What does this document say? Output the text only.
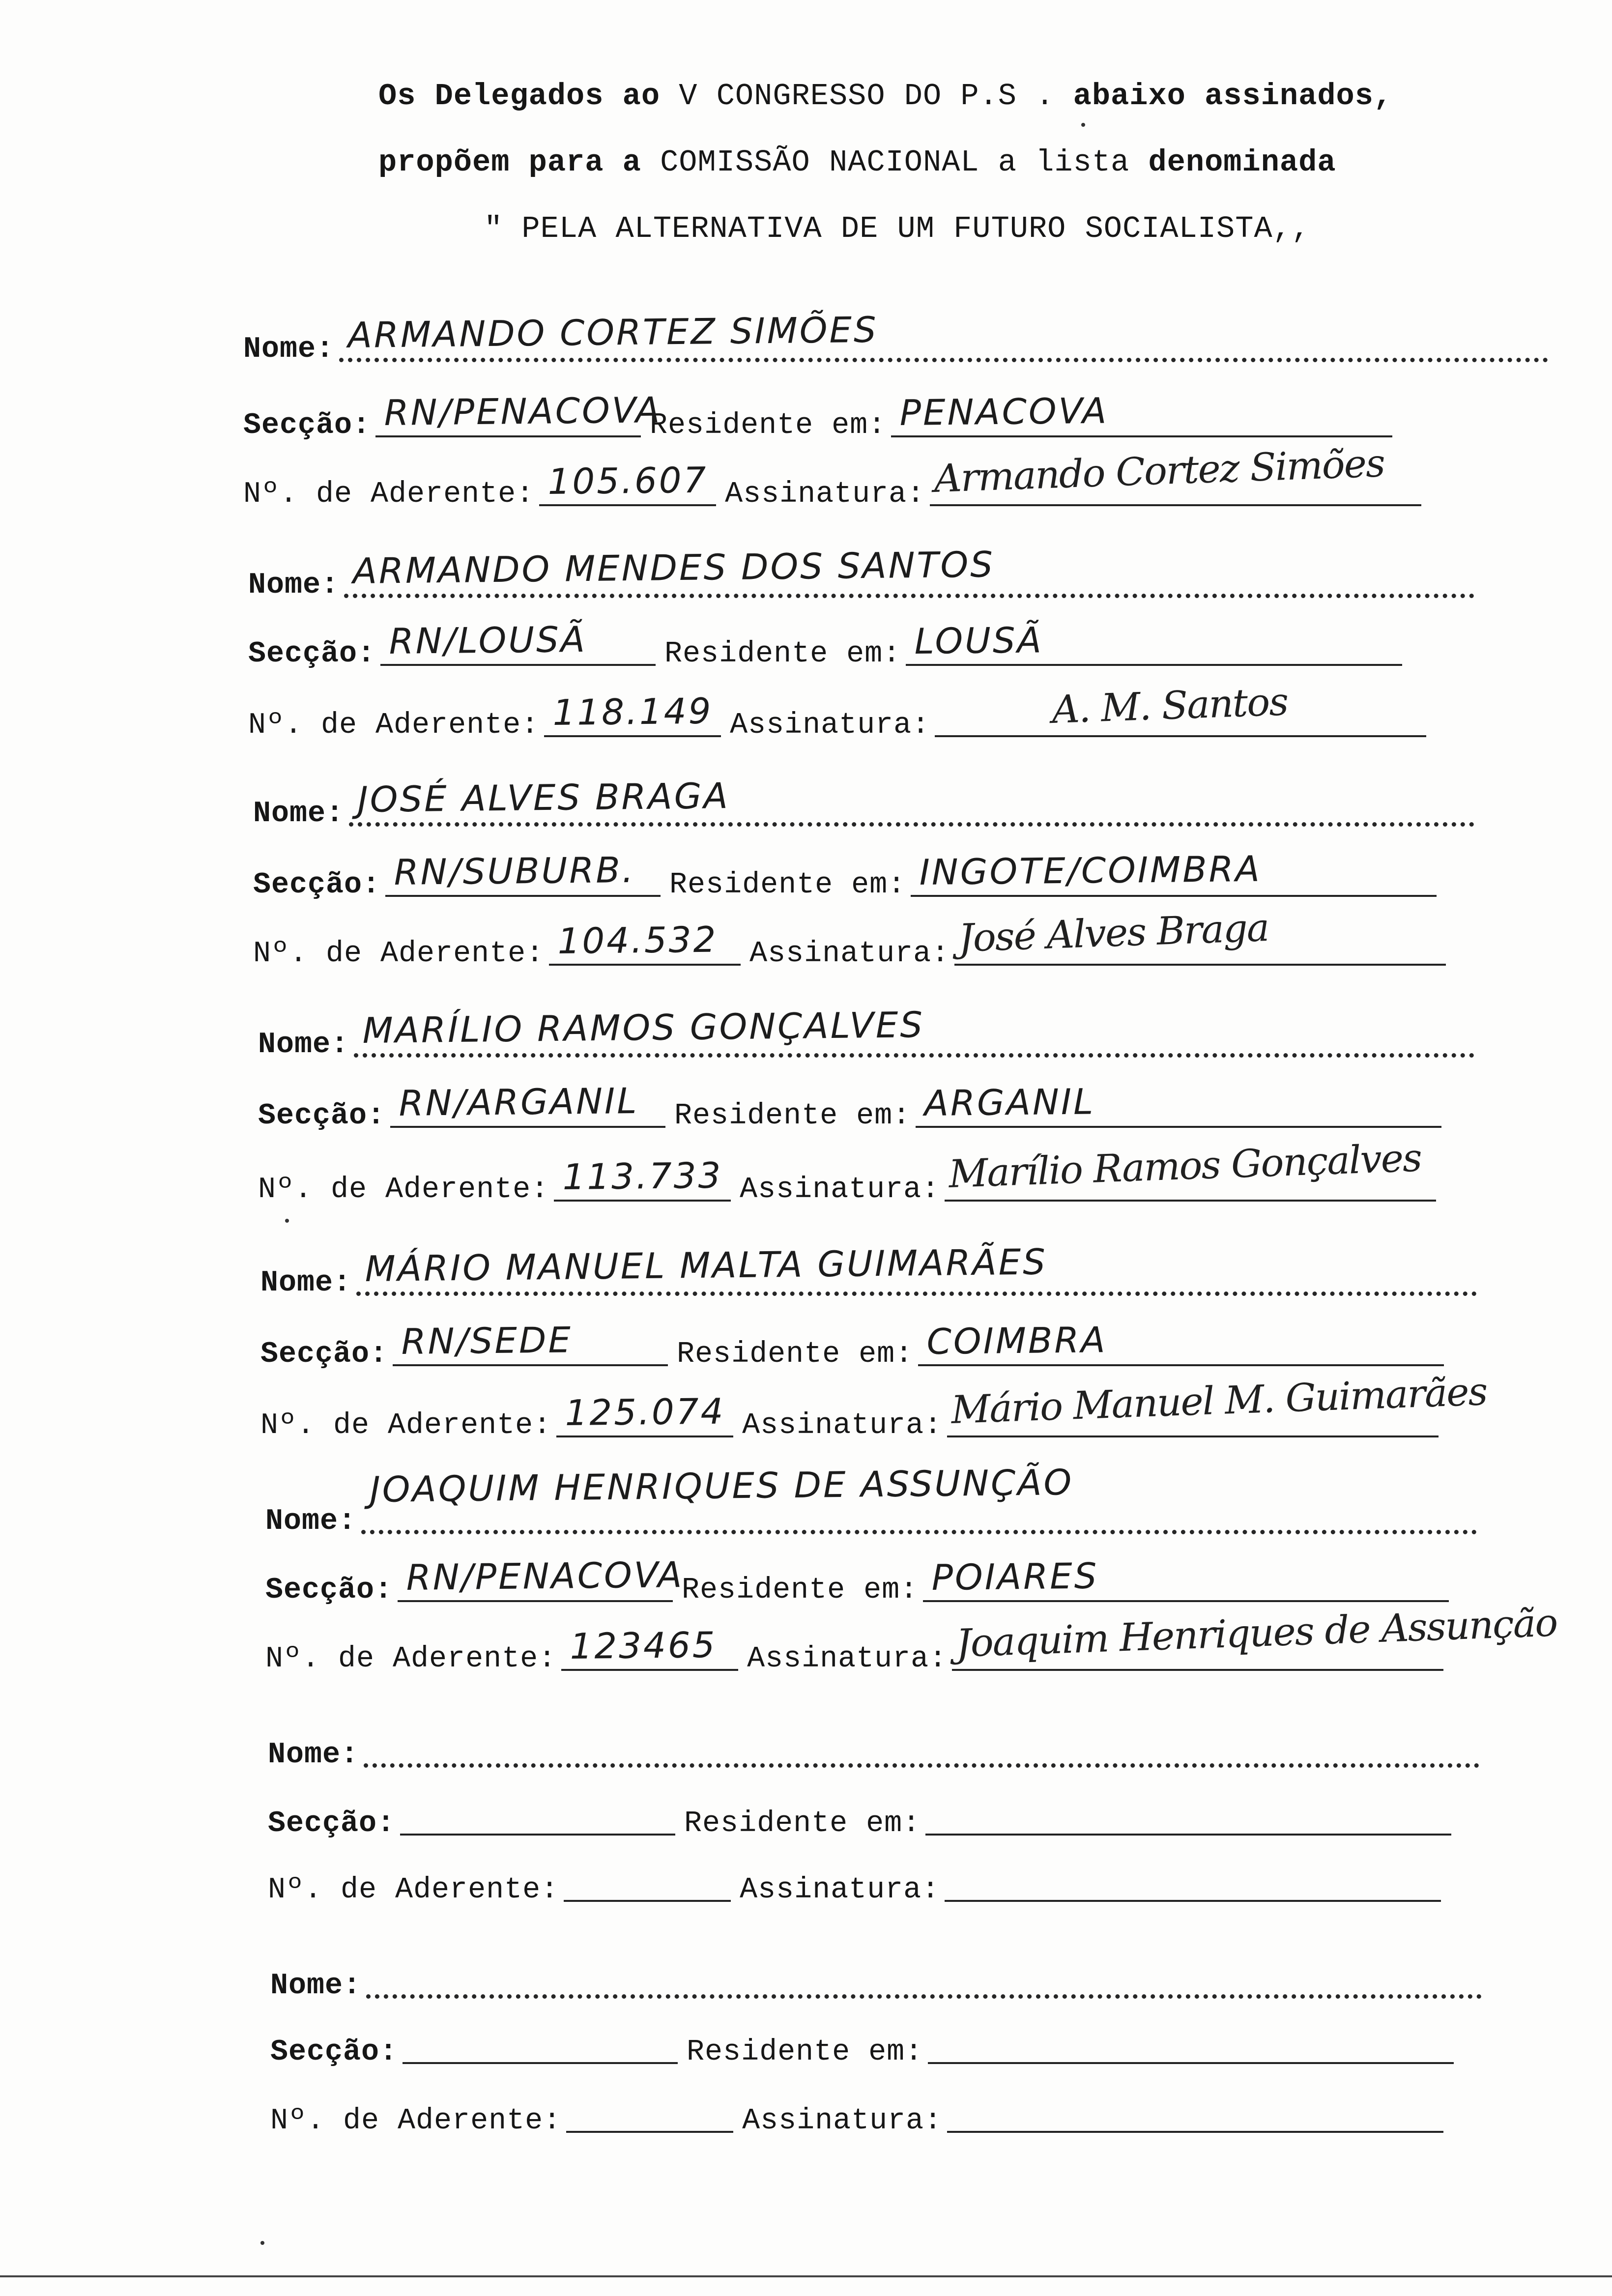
Os Delegados ao V CONGRESSO DO P.S . abaixo assinados,
propõem para a COMISSÃO NACIONAL a lista denominada
" PELA ALTERNATIVA DE UM FUTURO SOCIALISTA,,
Nome: ARMANDO CORTEZ SIMÕES
Secção: RN/PENACOVA
Residente em: PENACOVA
Nº. de Aderente: 105.607 Assinatura: Armando Cortez Simões
Nome: ARMANDO MENDES DOS SANTOS
Secção: RN/LOUSÃ	Residente em: LOUSÃ
Nº. de Aderente: 118.149 Assinatura:	A. M. Santos
Nome: JOSÉ ALVES BRAGA
Secção: RN/SUBURB. Residente em: INGOTE/COIMBRA
Nº. de Aderente: 104.532 Assinatura: José Alves Braga
Nome: MARÍLIO RAMOS GONÇALVES
Secção: RN/ARGANIL Residente em: ARGANIL
Nº. de Aderente: 113.733 Assinatura: Marílio Ramos Gonçalves
Nome: MÁRIO MANUEL MALTA GUIMARÃES
Secção: RN/SEDE	Residente em: COIMBRA
Nº. de Aderente: 125.074 Assinatura: Mário Manuel M. Guimarães
Nome:
JOAQUIM HENRIQUES DE ASSUNÇÃO
Secção: RN/PENACOVA
Residente em: POIARES
Nº. de Aderente: 123465 Assinatura: Joaquim Henriques de Assunção
Nome:
Secção:	Residente em:
Nº. de Aderente:	Assinatura:
Nome:
Secção:	Residente em:
Nº. de Aderente:	Assinatura:
